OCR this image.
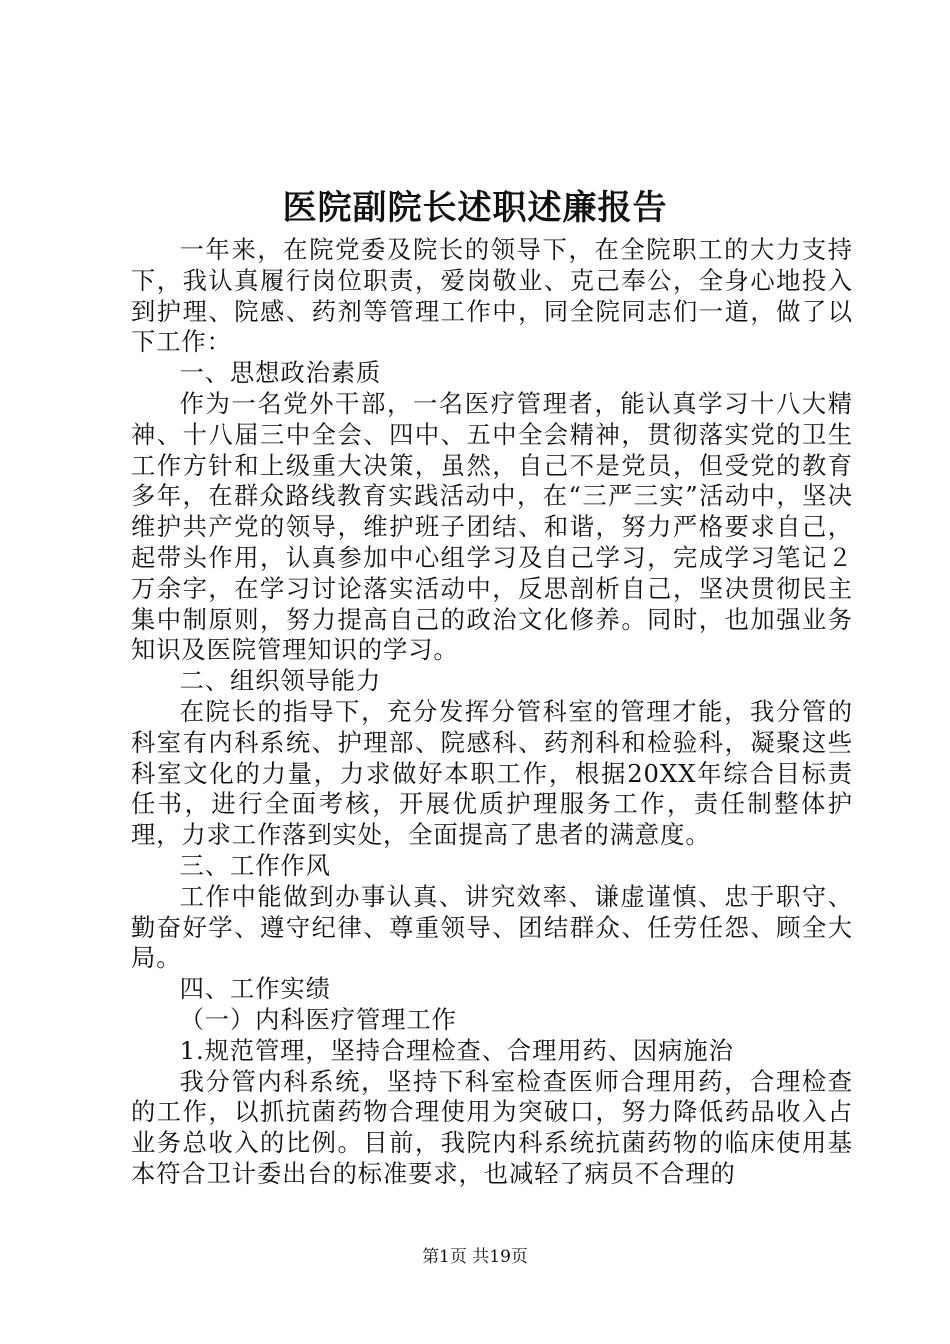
医院副院长述职述廉报告

一年来，在院党委及院长的领导下，在全院职工的大力支持下，我认真履行岗位职责，爱岗敬业、克己奉公，全身心地投入到护理、院感、药剂等管理工作中，同全院同志们一道，做了以下工作：

一、思想政治素质

作为一名党外干部，一名医疗管理者，能认真学习十八大精神、十八届三中全会、四中、五中全会精神，贯彻落实党的卫生工作方针和上级重大决策，虽然，自己不是党员，但受党的教育多年，在群众路线教育实践活动中，在“三严三实”活动中，坚决维护共产党的领导，维护班子团结、和谐，努力严格要求自己，起带头作用，认真参加中心组学习及自己学习，完成学习笔记２万余字，在学习讨论落实活动中，反思剖析自己，坚决贯彻民主集中制原则，努力提高自己的政治文化修养。同时，也加强业务知识及医院管理知识的学习。

二、组织领导能力

在院长的指导下，充分发挥分管科室的管理才能，我分管的科室有内科系统、护理部、院感科、药剂科和检验科，凝聚这些科室文化的力量，力求做好本职工作，根据20XX年综合目标责任书，进行全面考核，开展优质护理服务工作，责任制整体护理，力求工作落到实处，全面提高了患者的满意度。

三、工作作风

工作中能做到办事认真、讲究效率、谦虚谨慎、忠于职守、勤奋好学、遵守纪律、尊重领导、团结群众、任劳任怨、顾全大局。

四、工作实绩

（一）内科医疗管理工作

1.规范管理，坚持合理检查、合理用药、因病施治

我分管内科系统，坚持下科室检查医师合理用药，合理检查的工作，以抓抗菌药物合理使用为突破口，努力降低药品收入占业务总收入的比例。目前，我院内科系统抗菌药物的临床使用基本符合卫计委出台的标准要求，也减轻了病员不合理的

第1页 共19页
